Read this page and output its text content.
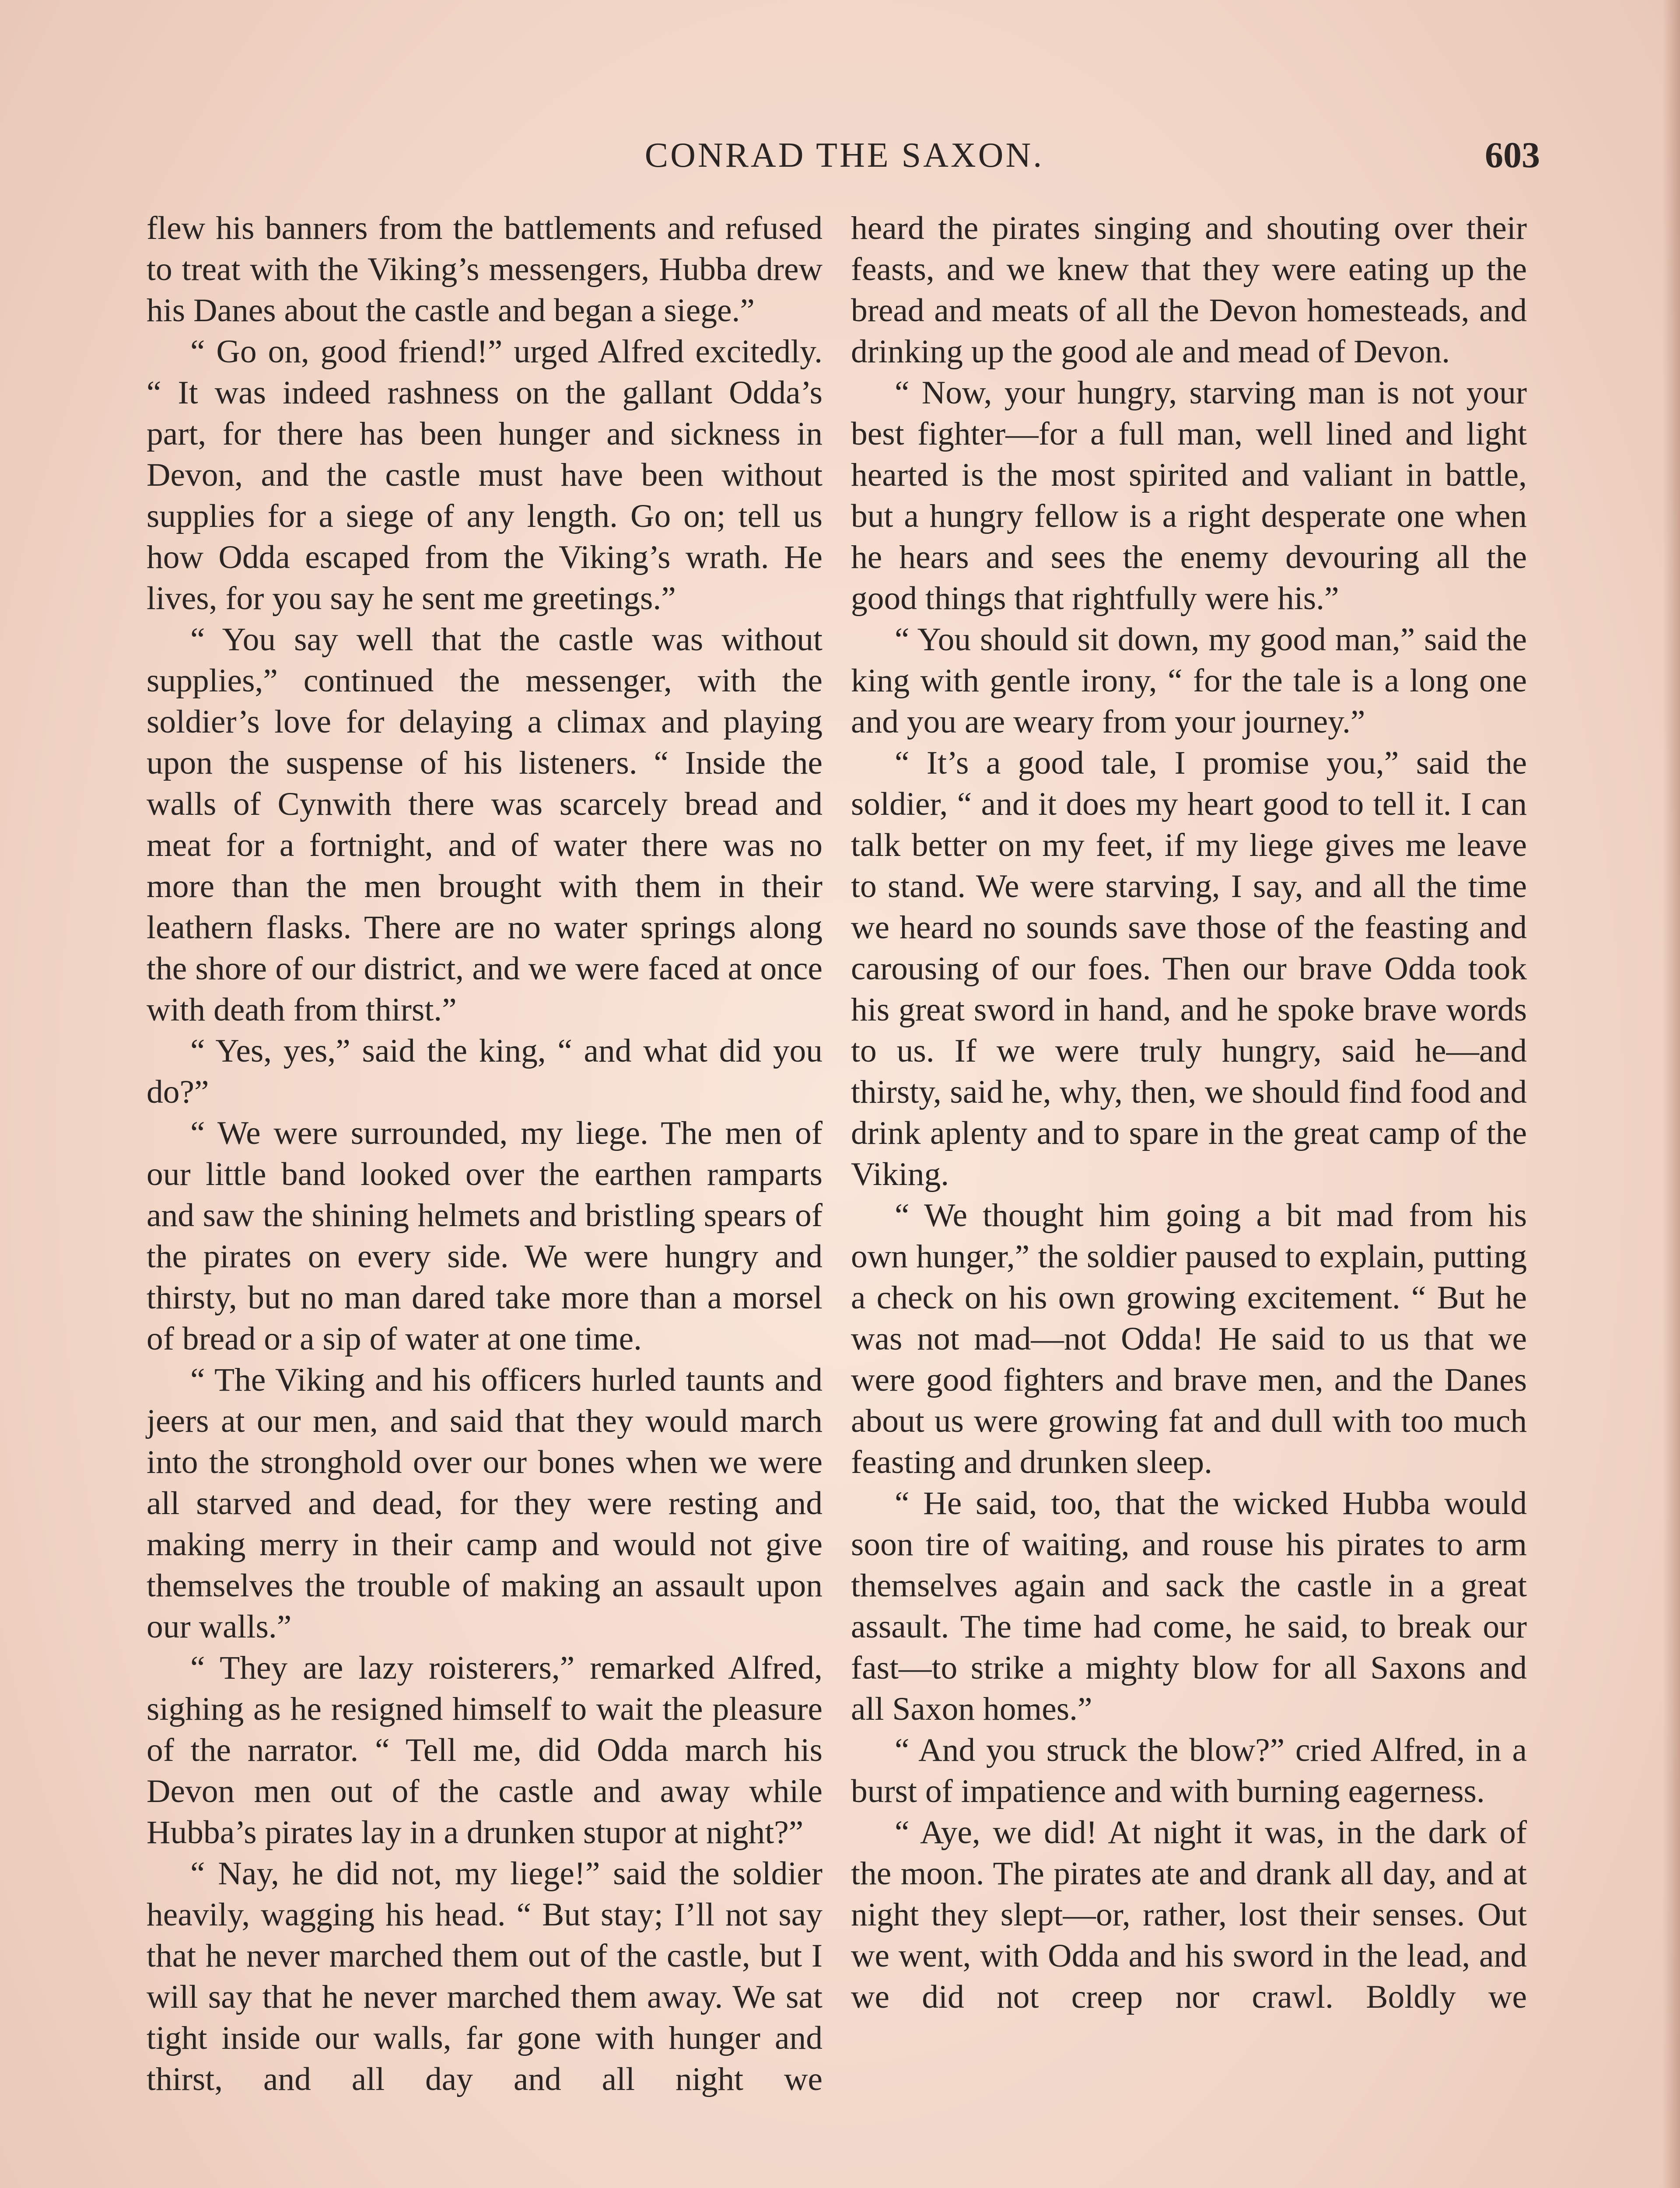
CONRAD THE SAXON.	603

flew his banners from the battlements and refused to treat with the Viking’s messengers, Hubba drew his Danes about the castle and began a siege.”

“ Go on, good friend!” urged Alfred excitedly. “ It was indeed rashness on the gallant Odda’s part, for there has been hunger and sickness in Devon, and the castle must have been without supplies for a siege of any length. Go on; tell us how Odda escaped from the Viking’s wrath. He lives, for you say he sent me greetings.”

“ You say well that the castle was without supplies,” continued the messenger, with the soldier’s love for delaying a climax and playing upon the suspense of his listeners. “ Inside the walls of Cynwith there was scarcely bread and meat for a fortnight, and of water there was no more than the men brought with them in their leathern flasks. There are no water springs along the shore of our district, and we were faced at once with death from thirst.”

“ Yes, yes,” said the king, “ and what did you do?”

“ We were surrounded, my liege. The men of our little band looked over the earthen ramparts and saw the shining helmets and bristling spears of the pirates on every side. We were hungry and thirsty, but no man dared take more than a morsel of bread or a sip of water at one time.

“ The Viking and his officers hurled taunts and jeers at our men, and said that they would march into the stronghold over our bones when we were all starved and dead, for they were resting and making merry in their camp and would not give themselves the trouble of making an assault upon our walls.”

“ They are lazy roisterers,” remarked Alfred, sighing as he resigned himself to wait the pleasure of the narrator. “ Tell me, did Odda march his Devon men out of the castle and away while Hubba’s pirates lay in a drunken stupor at night?”

“ Nay, he did not, my liege!” said the soldier heavily, wagging his head. “ But stay; I’ll not say that he never marched them out of the castle, but I will say that he never marched them away. We sat tight inside our walls, far gone with hunger and thirst, and all day and all night we

heard the pirates singing and shouting over their feasts, and we knew that they were eating up the bread and meats of all the Devon homesteads, and drinking up the good ale and mead of Devon.

“ Now, your hungry, starving man is not your best fighter—for a full man, well lined and light hearted is the most spirited and valiant in battle, but a hungry fellow is a right desperate one when he hears and sees the enemy devouring all the good things that rightfully were his.”

“ You should sit down, my good man,” said the king with gentle irony, “ for the tale is a long one and you are weary from your journey.”

“ It’s a good tale, I promise you,” said the soldier, “ and it does my heart good to tell it. I can talk better on my feet, if my liege gives me leave to stand. We were starving, I say, and all the time we heard no sounds save those of the feasting and carousing of our foes. Then our brave Odda took his great sword in hand, and he spoke brave words to us. If we were truly hungry, said he—and thirsty, said he, why, then, we should find food and drink aplenty and to spare in the great camp of the Viking.

“ We thought him going a bit mad from his own hunger,” the soldier paused to explain, putting a check on his own growing excitement. “ But he was not mad—not Odda! He said to us that we were good fighters and brave men, and the Danes about us were growing fat and dull with too much feasting and drunken sleep.

“ He said, too, that the wicked Hubba would soon tire of waiting, and rouse his pirates to arm themselves again and sack the castle in a great assault. The time had come, he said, to break our fast—to strike a mighty blow for all Saxons and all Saxon homes.”

“ And you struck the blow?” cried Alfred, in a burst of impatience and with burning eagerness.

“ Aye, we did! At night it was, in the dark of the moon. The pirates ate and drank all day, and at night they slept—or, rather, lost their senses. Out we went, with Odda and his sword in the lead, and we did not creep nor crawl. Boldly we
